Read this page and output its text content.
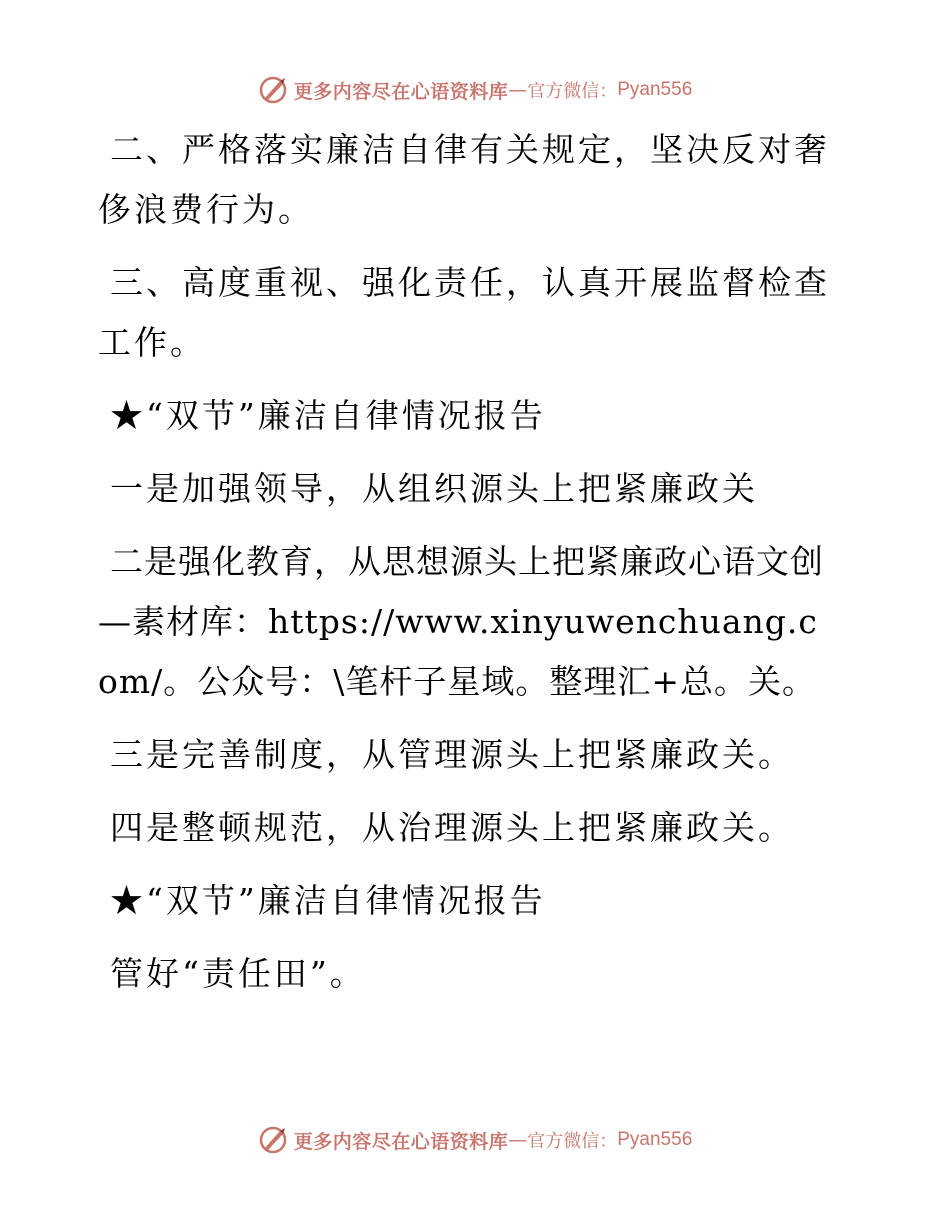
更多内容尽在心语资料库 — 官方微信： Pyan556

二、严格落实廉洁自律有关规定，坚决反对奢侈浪费行为。

三、高度重视、强化责任，认真开展监督检查工作。

★“双节”廉洁自律情况报告

一是加强领导，从组织源头上把紧廉政关

二是强化教育，从思想源头上把紧廉政心语文创—素材库：https://www.xinyuwenchuang.com/。公众号：\笔杆子星域。整理汇+总。关。

三是完善制度，从管理源头上把紧廉政关。

四是整顿规范，从治理源头上把紧廉政关。

★“双节”廉洁自律情况报告

管好“责任田”。

更多内容尽在心语资料库 — 官方微信： Pyan556
